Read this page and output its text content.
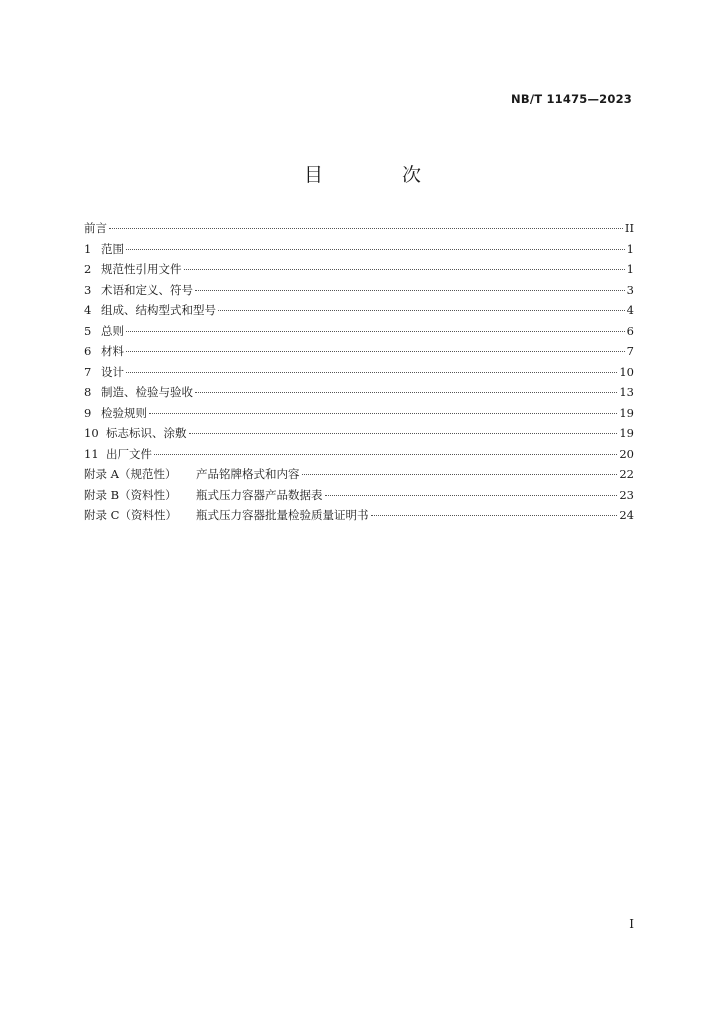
NB/T 11475—2023
目　次
前言	II
1 范围	1
2 规范性引用文件	1
3 术语和定义、符号	3
4 组成、结构型式和型号	4
5 总则	6
6 材料	7
7 设计	10
8 制造、检验与验收	13
9 检验规则	19
10 标志标识、涂敷	19
11 出厂文件	20
附录 A（规范性）	产品铭牌格式和内容	22
附录 B（资料性）	瓶式压力容器产品数据表	23
附录 C（资料性）	瓶式压力容器批量检验质量证明书	24
I
